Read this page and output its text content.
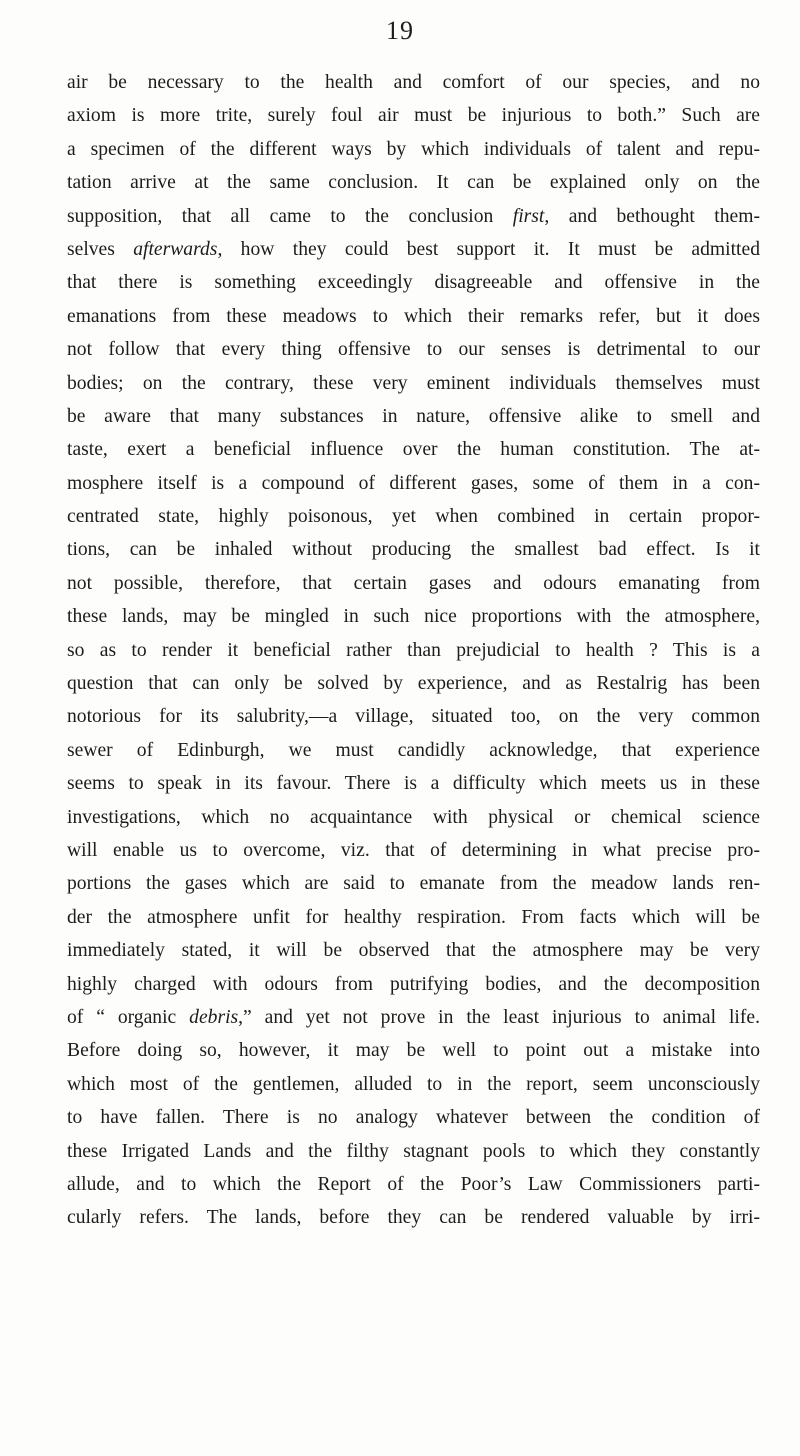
19
air be necessary to the health and comfort of our species, and no
axiom is more trite, surely foul air must be injurious to both.” Such are
a specimen of the different ways by which individuals of talent and repu-
tation arrive at the same conclusion. It can be explained only on the
supposition, that all came to the conclusion first, and bethought them-
selves afterwards, how they could best support it. It must be admitted
that there is something exceedingly disagreeable and offensive in the
emanations from these meadows to which their remarks refer, but it does
not follow that every thing offensive to our senses is detrimental to our
bodies; on the contrary, these very eminent individuals themselves must
be aware that many substances in nature, offensive alike to smell and
taste, exert a beneficial influence over the human constitution. The at-
mosphere itself is a compound of different gases, some of them in a con-
centrated state, highly poisonous, yet when combined in certain propor-
tions, can be inhaled without producing the smallest bad effect. Is it
not possible, therefore, that certain gases and odours emanating from
these lands, may be mingled in such nice proportions with the atmosphere,
so as to render it beneficial rather than prejudicial to health ? This is a
question that can only be solved by experience, and as Restalrig has been
notorious for its salubrity,—a village, situated too, on the very common
sewer of Edinburgh, we must candidly acknowledge, that experience
seems to speak in its favour. There is a difficulty which meets us in these
investigations, which no acquaintance with physical or chemical science
will enable us to overcome, viz. that of determining in what precise pro-
portions the gases which are said to emanate from the meadow lands ren-
der the atmosphere unfit for healthy respiration. From facts which will be
immediately stated, it will be observed that the atmosphere may be very
highly charged with odours from putrifying bodies, and the decomposition
of “ organic debris,” and yet not prove in the least injurious to animal life.
Before doing so, however, it may be well to point out a mistake into
which most of the gentlemen, alluded to in the report, seem unconsciously
to have fallen. There is no analogy whatever between the condition of
these Irrigated Lands and the filthy stagnant pools to which they constantly
allude, and to which the Report of the Poor’s Law Commissioners parti-
cularly refers. The lands, before they can be rendered valuable by irri-
